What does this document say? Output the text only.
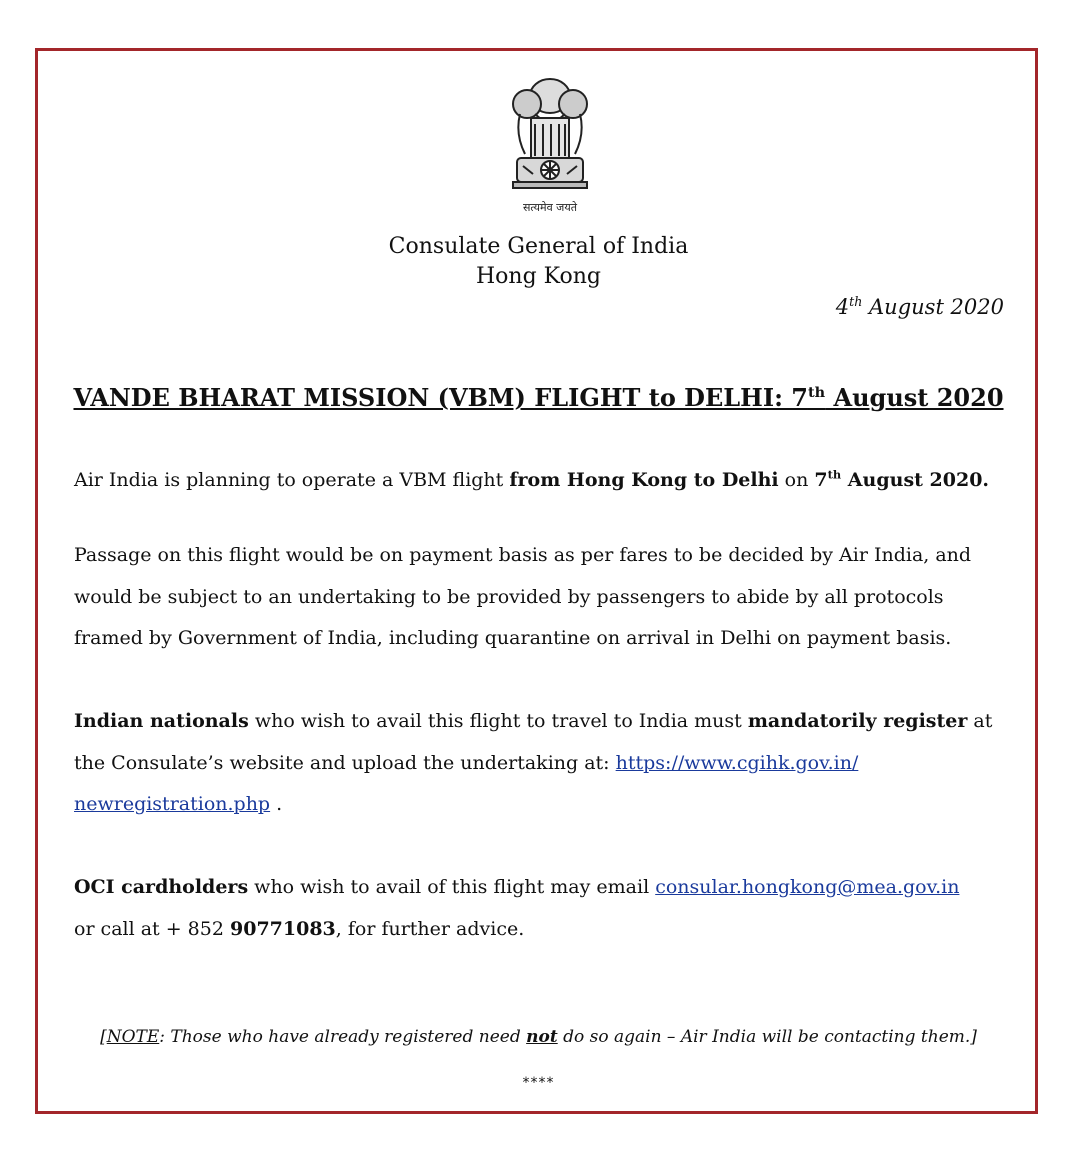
सत्यमेव जयते
Consulate General of India
Hong Kong
4th August 2020
VANDE BHARAT MISSION (VBM) FLIGHT to DELHI: 7th August 2020
Air India is planning to operate a VBM flight from Hong Kong to Delhi on 7th August 2020.
Passage on this flight would be on payment basis as per fares to be decided by Air India, and would be subject to an undertaking to be provided by passengers to abide by all protocols framed by Government of India, including quarantine on arrival in Delhi on payment basis.
Indian nationals who wish to avail this flight to travel to India must mandatorily register at the Consulate’s website and upload the undertaking at: https://www.cgihk.gov.in/
newregistration.php .
OCI cardholders who wish to avail of this flight may email consular.hongkong@mea.gov.in
or call at + 852 90771083, for further advice.
[NOTE: Those who have already registered need not do so again – Air India will be contacting them.]
****
